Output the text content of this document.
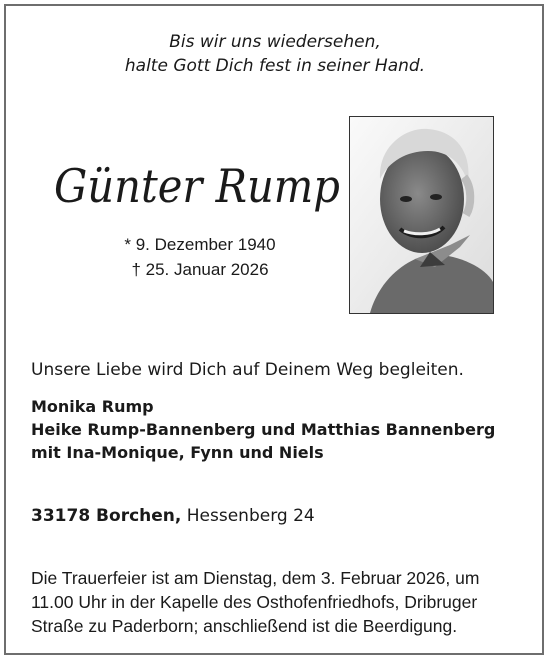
Bis wir uns wiedersehen,
halte Gott Dich fest in seiner Hand.
Günter Rump
* 9. Dezember 1940
† 25. Januar 2026
Unsere Liebe wird Dich auf Deinem Weg begleiten.
Monika Rump
Heike Rump-Bannenberg und Matthias Bannenberg
mit Ina-Monique, Fynn und Niels
33178 Borchen, Hessenberg 24
Die Trauerfeier ist am Dienstag, dem 3. Februar 2026, um
11.00 Uhr in der Kapelle des Osthofenfriedhofs, Dribruger
Straße zu Paderborn; anschließend ist die Beerdigung.
